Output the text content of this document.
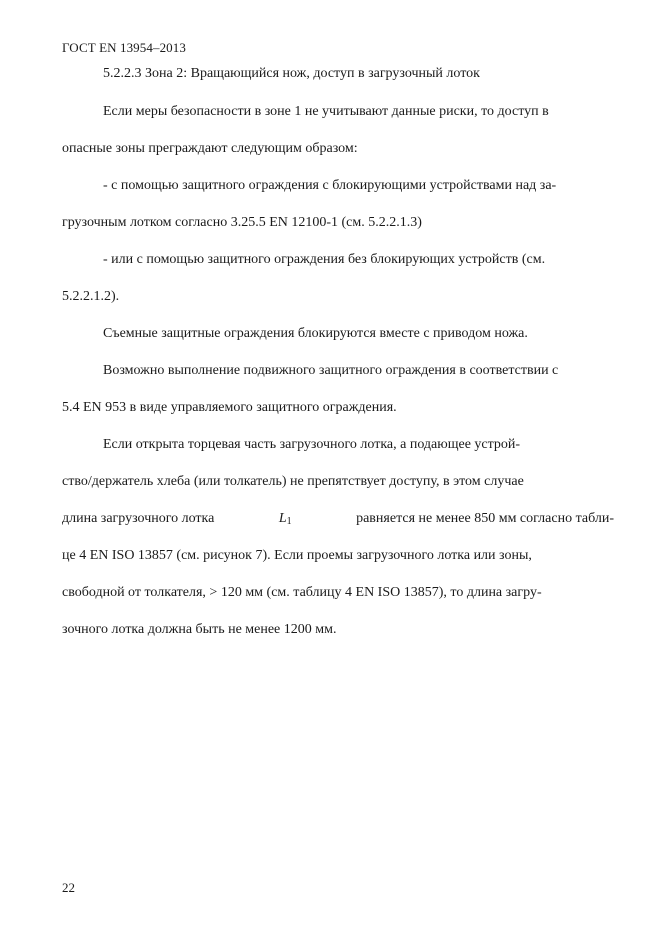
ГОСТ EN 13954–2013
5.2.2.3 Зона 2: Вращающийся нож, доступ в загрузочный лоток
Если меры безопасности в зоне 1 не учитывают данные риски, то доступ в
опасные зоны преграждают следующим образом:
- с помощью защитного ограждения с блокирующими устройствами над за-
грузочным лотком согласно 3.25.5 EN 12100-1 (см. 5.2.2.1.3)
- или с помощью защитного ограждения без блокирующих устройств (см.
5.2.2.1.2).
Съемные защитные ограждения блокируются вместе с приводом ножа.
Возможно выполнение подвижного защитного ограждения в соответствии с
5.4 EN 953 в виде управляемого защитного ограждения.
Если открыта торцевая часть загрузочного лотка, а подающее устрой-
ство/держатель хлеба (или толкатель) не препятствует доступу, в этом случае
длина загрузочного лотка	$L_1$	равняется не менее 850 мм согласно табли-
це 4 EN ISO 13857 (см. рисунок 7). Если проемы загрузочного лотка или зоны,
свободной от толкателя, > 120 мм (см. таблицу 4 EN ISO 13857), то длина загру-
зочного лотка должна быть не менее 1200 мм.
22
